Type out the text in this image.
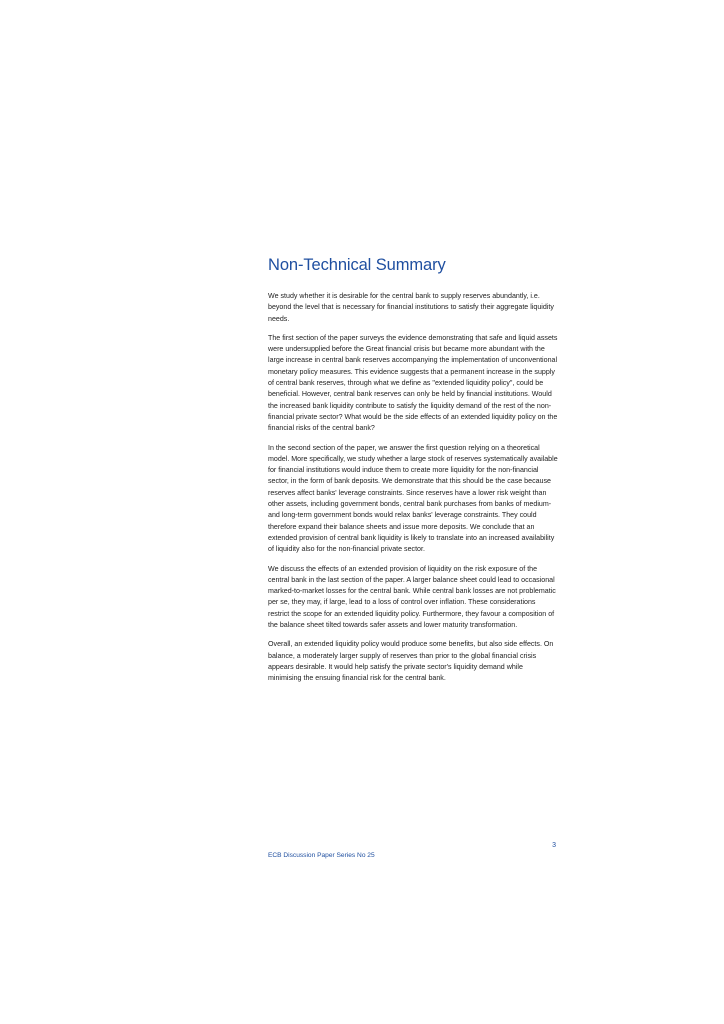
Non-Technical Summary

We study whether it is desirable for the central bank to supply reserves abundantly, i.e. beyond the level that is necessary for financial institutions to satisfy their aggregate liquidity needs.

The first section of the paper surveys the evidence demonstrating that safe and liquid assets were undersupplied before the Great financial crisis but became more abundant with the large increase in central bank reserves accompanying the implementation of unconventional monetary policy measures. This evidence suggests that a permanent increase in the supply of central bank reserves, through what we define as "extended liquidity policy", could be beneficial. However, central bank reserves can only be held by financial institutions. Would the increased bank liquidity contribute to satisfy the liquidity demand of the rest of the non-financial private sector? What would be the side effects of an extended liquidity policy on the financial risks of the central bank?

In the second section of the paper, we answer the first question relying on a theoretical model. More specifically, we study whether a large stock of reserves systematically available for financial institutions would induce them to create more liquidity for the non-financial sector, in the form of bank deposits. We demonstrate that this should be the case because reserves affect banks' leverage constraints. Since reserves have a lower risk weight than other assets, including government bonds, central bank purchases from banks of medium- and long-term government bonds would relax banks' leverage constraints. They could therefore expand their balance sheets and issue more deposits. We conclude that an extended provision of central bank liquidity is likely to translate into an increased availability of liquidity also for the non-financial private sector.

We discuss the effects of an extended provision of liquidity on the risk exposure of the central bank in the last section of the paper. A larger balance sheet could lead to occasional marked-to-market losses for the central bank. While central bank losses are not problematic per se, they may, if large, lead to a loss of control over inflation. These considerations restrict the scope for an extended liquidity policy. Furthermore, they favour a composition of the balance sheet tilted towards safer assets and lower maturity transformation.

Overall, an extended liquidity policy would produce some benefits, but also side effects. On balance, a moderately larger supply of reserves than prior to the global financial crisis appears desirable. It would help satisfy the private sector's liquidity demand while minimising the ensuing financial risk for the central bank.

3
ECB Discussion Paper Series No 25
